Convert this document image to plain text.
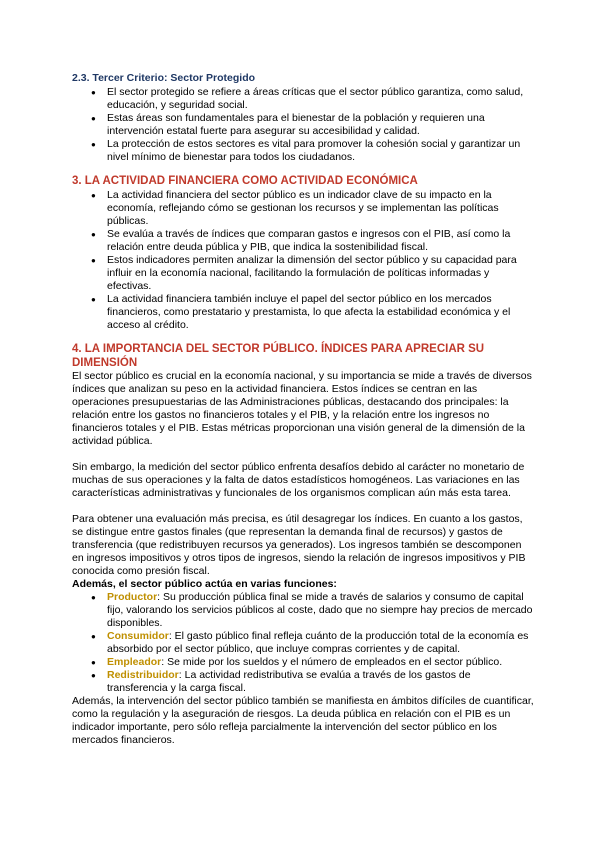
2.3. Tercer Criterio: Sector Protegido
● El sector protegido se refiere a áreas críticas que el sector público garantiza, como salud, educación, y seguridad social.
● Estas áreas son fundamentales para el bienestar de la población y requieren una intervención estatal fuerte para asegurar su accesibilidad y calidad.
● La protección de estos sectores es vital para promover la cohesión social y garantizar un nivel mínimo de bienestar para todos los ciudadanos.
3. LA ACTIVIDAD FINANCIERA COMO ACTIVIDAD ECONÓMICA
● La actividad financiera del sector público es un indicador clave de su impacto en la economía, reflejando cómo se gestionan los recursos y se implementan las políticas públicas.
● Se evalúa a través de índices que comparan gastos e ingresos con el PIB, así como la relación entre deuda pública y PIB, que indica la sostenibilidad fiscal.
● Estos indicadores permiten analizar la dimensión del sector público y su capacidad para influir en la economía nacional, facilitando la formulación de políticas informadas y efectivas.
● La actividad financiera también incluye el papel del sector público en los mercados financieros, como prestatario y prestamista, lo que afecta la estabilidad económica y el acceso al crédito.
4. LA IMPORTANCIA DEL SECTOR PÚBLICO. ÍNDICES PARA APRECIAR SU DIMENSIÓN

El sector público es crucial en la economía nacional, y su importancia se mide a través de diversos índices que analizan su peso en la actividad financiera. Estos índices se centran en las operaciones presupuestarias de las Administraciones públicas, destacando dos principales: la relación entre los gastos no financieros totales y el PIB, y la relación entre los ingresos no financieros totales y el PIB. Estas métricas proporcionan una visión general de la dimensión de la actividad pública.

Sin embargo, la medición del sector público enfrenta desafíos debido al carácter no monetario de muchas de sus operaciones y la falta de datos estadísticos homogéneos. Las variaciones en las características administrativas y funcionales de los organismos complican aún más esta tarea.

Para obtener una evaluación más precisa, es útil desagregar los índices. En cuanto a los gastos, se distingue entre gastos finales (que representan la demanda final de recursos) y gastos de transferencia (que redistribuyen recursos ya generados). Los ingresos también se descomponen en ingresos impositivos y otros tipos de ingresos, siendo la relación de ingresos impositivos y PIB conocida como presión fiscal.

Además, el sector público actúa en varias funciones:

● Productor: Su producción pública final se mide a través de salarios y consumo de capital fijo, valorando los servicios públicos al coste, dado que no siempre hay precios de mercado disponibles.
● Consumidor: El gasto público final refleja cuánto de la producción total de la economía es absorbido por el sector público, que incluye compras corrientes y de capital.
● Empleador: Se mide por los sueldos y el número de empleados en el sector público.
● Redistribuidor: La actividad redistributiva se evalúa a través de los gastos de transferencia y la carga fiscal.

Además, la intervención del sector público también se manifiesta en ámbitos difíciles de cuantificar, como la regulación y la aseguración de riesgos. La deuda pública en relación con el PIB es un indicador importante, pero sólo refleja parcialmente la intervención del sector público en los mercados financieros.
